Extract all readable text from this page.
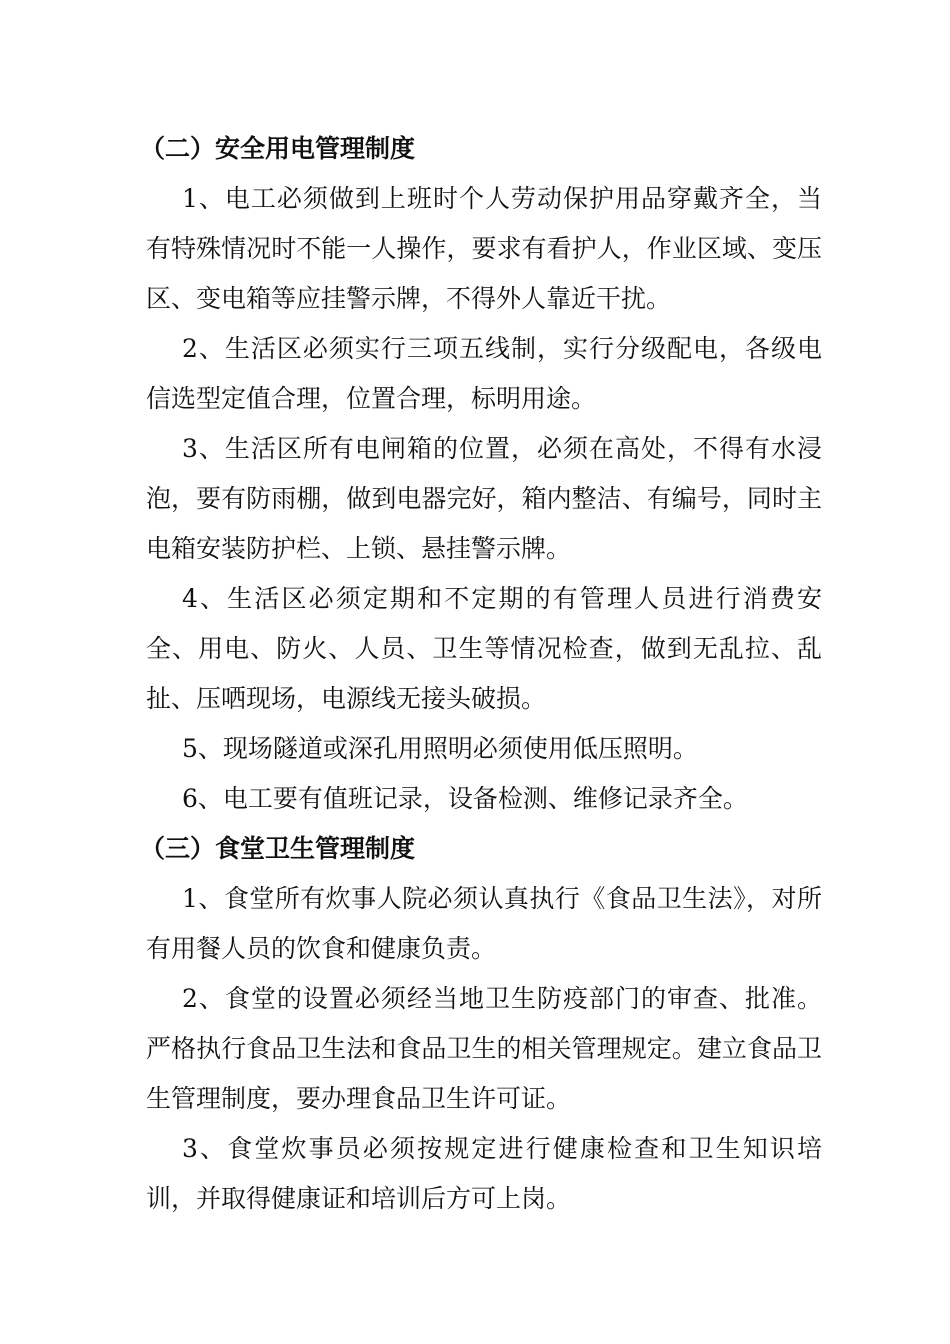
（二）安全用电管理制度

1、电工必须做到上班时个人劳动保护用品穿戴齐全，当有特殊情况时不能一人操作，要求有看护人，作业区域、变压区、变电箱等应挂警示牌，不得外人靠近干扰。

2、生活区必须实行三项五线制，实行分级配电，各级电信选型定值合理，位置合理，标明用途。

3、生活区所有电闸箱的位置，必须在高处，不得有水浸泡，要有防雨棚，做到电器完好，箱内整洁、有编号，同时主电箱安装防护栏、上锁、悬挂警示牌。

4、生活区必须定期和不定期的有管理人员进行消费安全、用电、防火、人员、卫生等情况检查，做到无乱拉、乱扯、压哂现场，电源线无接头破损。

5、现场隧道或深孔用照明必须使用低压照明。

6、电工要有值班记录，设备检测、维修记录齐全。

（三）食堂卫生管理制度

1、食堂所有炊事人院必须认真执行《食品卫生法》，对所有用餐人员的饮食和健康负责。

2、食堂的设置必须经当地卫生防疫部门的审查、批准。严格执行食品卫生法和食品卫生的相关管理规定。建立食品卫生管理制度，要办理食品卫生许可证。

3、食堂炊事员必须按规定进行健康检查和卫生知识培训，并取得健康证和培训后方可上岗。
